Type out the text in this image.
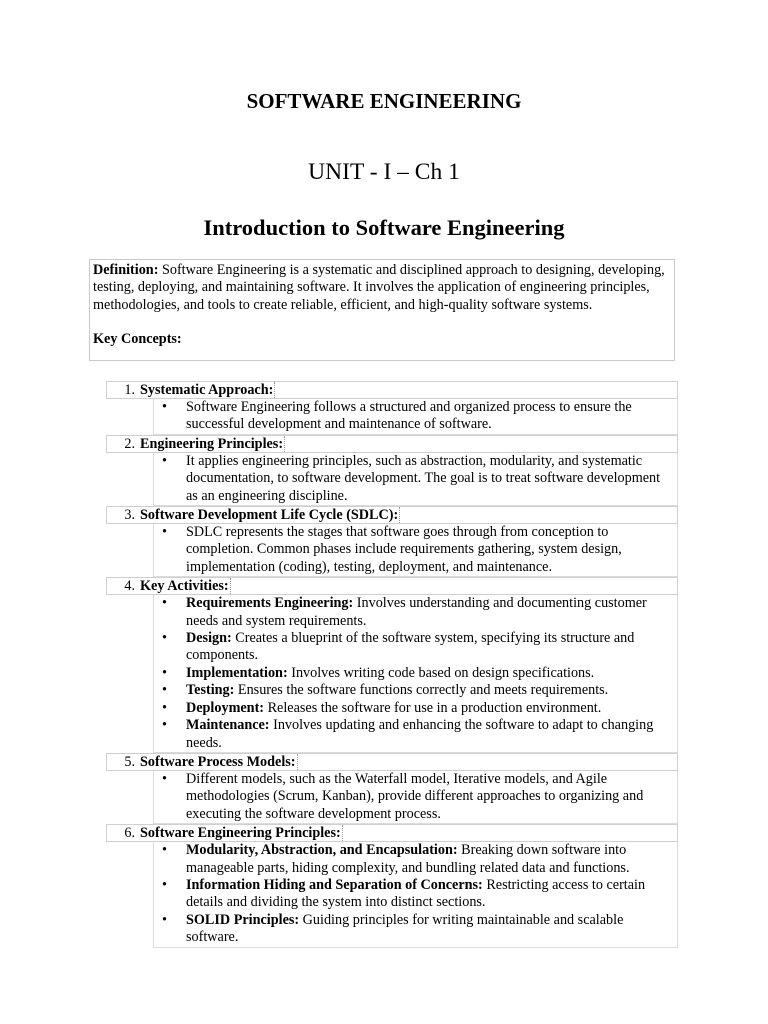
SOFTWARE ENGINEERING
UNIT - I – Ch 1
Introduction to Software Engineering

Definition: Software Engineering is a systematic and disciplined approach to designing, developing, testing, deploying, and maintaining software. It involves the application of engineering principles, methodologies, and tools to create reliable, efficient, and high-quality software systems.

Key Concepts:

1. Systematic Approach:
• Software Engineering follows a structured and organized process to ensure the successful development and maintenance of software.
2. Engineering Principles:
• It applies engineering principles, such as abstraction, modularity, and systematic documentation, to software development. The goal is to treat software development as an engineering discipline.
3. Software Development Life Cycle (SDLC):
• SDLC represents the stages that software goes through from conception to completion. Common phases include requirements gathering, system design, implementation (coding), testing, deployment, and maintenance.
4. Key Activities:
• Requirements Engineering: Involves understanding and documenting customer needs and system requirements.
• Design: Creates a blueprint of the software system, specifying its structure and components.
• Implementation: Involves writing code based on design specifications.
• Testing: Ensures the software functions correctly and meets requirements.
• Deployment: Releases the software for use in a production environment.
• Maintenance: Involves updating and enhancing the software to adapt to changing needs.
5. Software Process Models:
• Different models, such as the Waterfall model, Iterative models, and Agile methodologies (Scrum, Kanban), provide different approaches to organizing and executing the software development process.
6. Software Engineering Principles:
• Modularity, Abstraction, and Encapsulation: Breaking down software into manageable parts, hiding complexity, and bundling related data and functions.
• Information Hiding and Separation of Concerns: Restricting access to certain details and dividing the system into distinct sections.
• SOLID Principles: Guiding principles for writing maintainable and scalable software.
